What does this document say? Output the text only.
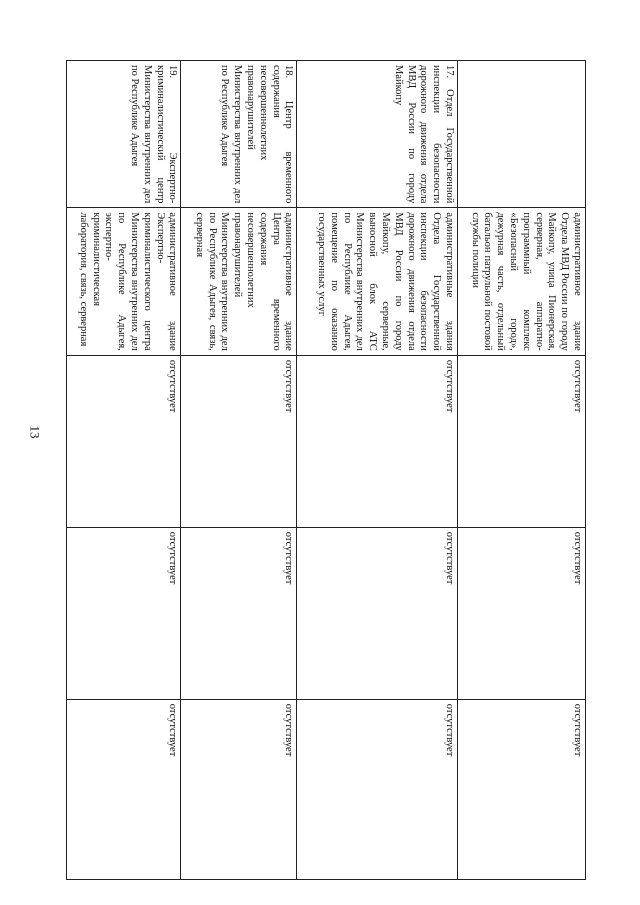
13
	административное здание Отдела МВД России по городу Майкопу, улица Пионерская, серверная, аппаратно-программный комплекс «Безопасный город», дежурная часть, отдельный батальон патрульной постовой службы полиции	отсутствует	отсутствует	отсутствует
17. Отдел Государственной инспекции безопасности дорожного движения отдела МВД России по городу Майкопу	административные здания Отдела Государственной инспекции безопасности дорожного движения отдела МВД России по городу Майкопу, серверные, выносной блок АТС Министерства внутренних дел по Республике Адыгея, помещение по оказанию государственных услуг	отсутствует	отсутствует	отсутствует
18. Центр временного содержания несовершеннолетних правонарушителей Министерства внутренних дел по Республике Адыгея	административное здание Центра временного содержания несовершеннолетних правонарушителей Министерства внутренних дел по Республике Адыгея, связь, серверная	отсутствует	отсутствует	отсутствует
19. Экспертно-криминалистический центр Министерства внутренних дел по Республике Адыгея	административное здание Экспертно-криминалистического центра Министерства внутренних дел по Республике Адыгея, экспертно-криминалистическая лаборатория, связь, серверная	отсутствует	отсутствует	отсутствует
